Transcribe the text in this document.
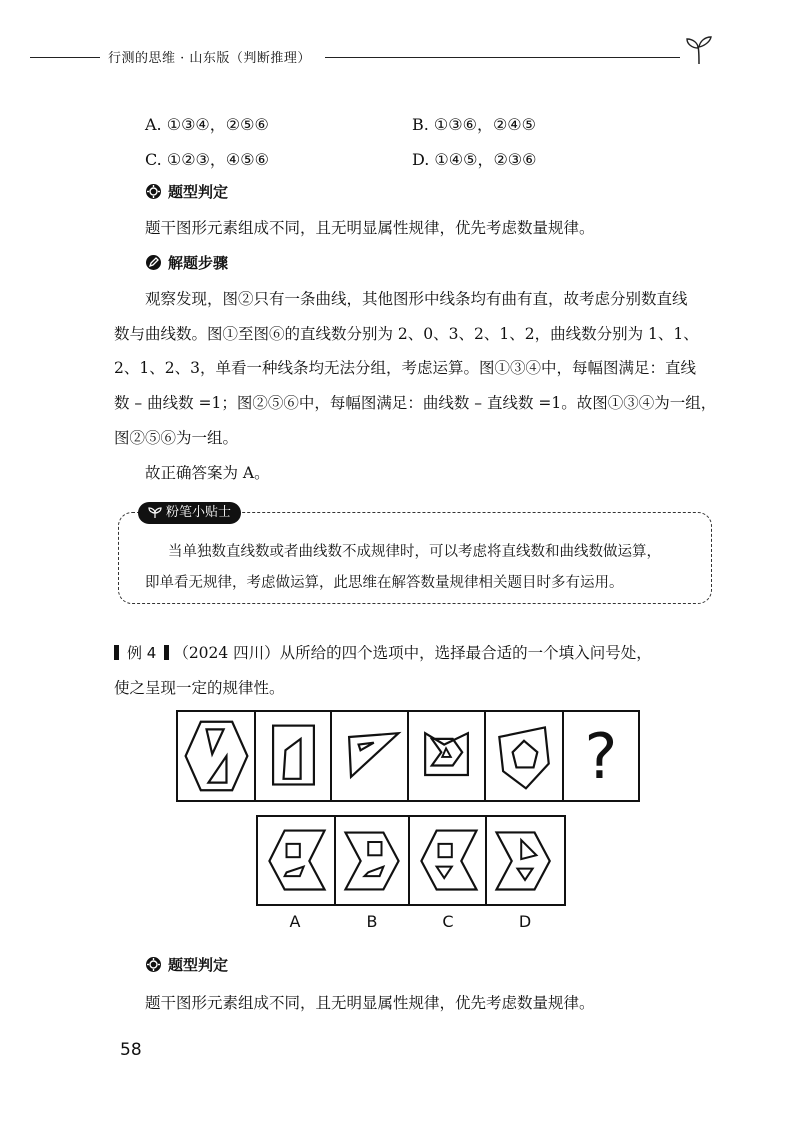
行测的思维 · 山东版（判断推理）
A. ①③④，②⑤⑥	B. ①③⑥，②④⑤
C. ①②③，④⑤⑥	D. ①④⑤，②③⑥
题型判定
题干图形元素组成不同，且无明显属性规律，优先考虑数量规律。
解题步骤
观察发现，图②只有一条曲线，其他图形中线条均有曲有直，故考虑分别数直线
数与曲线数。图①至图⑥的直线数分别为 2、0、3、2、1、2，曲线数分别为 1、1、
2、1、2、3，单看一种线条均无法分组，考虑运算。图①③④中，每幅图满足：直线
数 – 曲线数 =1；图②⑤⑥中，每幅图满足：曲线数 – 直线数 =1。故图①③④为一组，
图②⑤⑥为一组。
故正确答案为 A。
粉笔小贴士
当单独数直线数或者曲线数不成规律时，可以考虑将直线数和曲线数做运算，
即单看无规律，考虑做运算，此思维在解答数量规律相关题目时多有运用。
例 4 （2024 四川）从所给的四个选项中，选择最合适的一个填入问号处，
使之呈现一定的规律性。
?
A	B	C	D
题型判定
题干图形元素组成不同，且无明显属性规律，优先考虑数量规律。
58
